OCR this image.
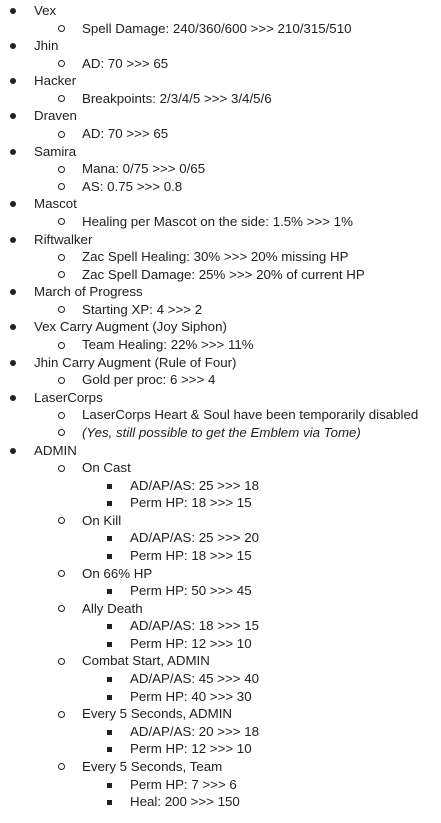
Vex
Spell Damage: 240/360/600 >>> 210/315/510
Jhin
AD: 70 >>> 65
Hacker
Breakpoints: 2/3/4/5 >>> 3/4/5/6
Draven
AD: 70 >>> 65
Samira
Mana: 0/75 >>> 0/65
AS: 0.75 >>> 0.8
Mascot
Healing per Mascot on the side: 1.5% >>> 1%
Riftwalker
Zac Spell Healing: 30% >>> 20% missing HP
Zac Spell Damage: 25% >>> 20% of current HP
March of Progress
Starting XP: 4 >>> 2
Vex Carry Augment (Joy Siphon)
Team Healing: 22% >>> 11%
Jhin Carry Augment (Rule of Four)
Gold per proc: 6 >>> 4
LaserCorps
LaserCorps Heart & Soul have been temporarily disabled
(Yes, still possible to get the Emblem via Tome)
ADMIN
On Cast
AD/AP/AS: 25 >>> 18
Perm HP: 18 >>> 15
On Kill
AD/AP/AS: 25 >>> 20
Perm HP: 18 >>> 15
On 66% HP
Perm HP: 50 >>> 45
Ally Death
AD/AP/AS: 18 >>> 15
Perm HP: 12 >>> 10
Combat Start, ADMIN
AD/AP/AS: 45 >>> 40
Perm HP: 40 >>> 30
Every 5 Seconds, ADMIN
AD/AP/AS: 20 >>> 18
Perm HP: 12 >>> 10
Every 5 Seconds, Team
Perm HP: 7 >>> 6
Heal: 200 >>> 150
